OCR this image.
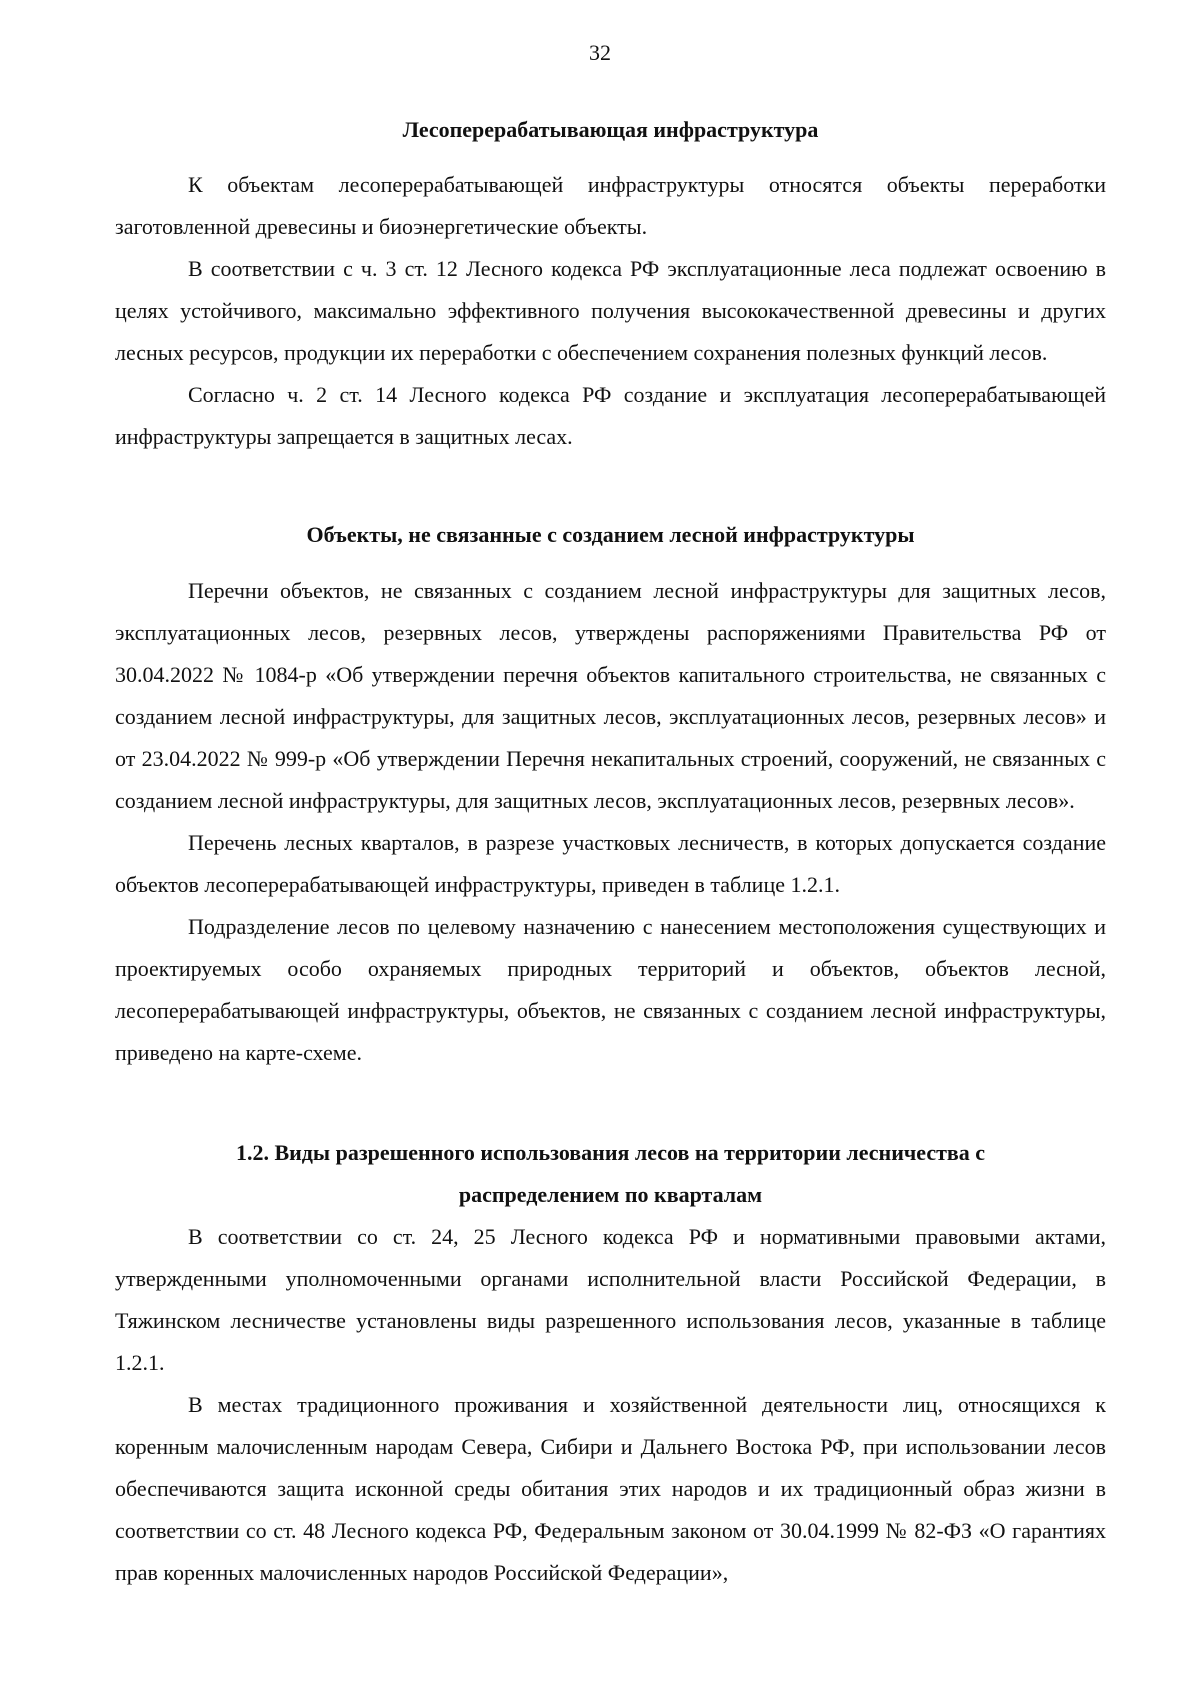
32
Лесоперерабатывающая инфраструктура

К объектам лесоперерабатывающей инфраструктуры относятся объекты переработки заготовленной древесины и биоэнергетические объекты.

В соответствии с ч. 3 ст. 12 Лесного кодекса РФ эксплуатационные леса подлежат освоению в целях устойчивого, максимально эффективного получения высококачественной древесины и других лесных ресурсов, продукции их переработки с обеспечением сохранения полезных функций лесов.

Согласно ч. 2 ст. 14 Лесного кодекса РФ создание и эксплуатация лесоперерабатывающей инфраструктуры запрещается в защитных лесах.

Объекты, не связанные с созданием лесной инфраструктуры

Перечни объектов, не связанных с созданием лесной инфраструктуры для защитных лесов, эксплуатационных лесов, резервных лесов, утверждены распоряжениями Правительства РФ от 30.04.2022 № 1084-р «Об утверждении перечня объектов капитального строительства, не связанных с созданием лесной инфраструктуры, для защитных лесов, эксплуатационных лесов, резервных лесов» и от 23.04.2022 № 999-р «Об утверждении Перечня некапитальных строений, сооружений, не связанных с созданием лесной инфраструктуры, для защитных лесов, эксплуатационных лесов, резервных лесов».

Перечень лесных кварталов, в разрезе участковых лесничеств, в которых допускается создание объектов лесоперерабатывающей инфраструктуры, приведен в таблице 1.2.1.

Подразделение лесов по целевому назначению с нанесением местоположения существующих и проектируемых особо охраняемых природных территорий и объектов, объектов лесной, лесоперерабатывающей инфраструктуры, объектов, не связанных с созданием лесной инфраструктуры, приведено на карте-схеме.

1.2. Виды разрешенного использования лесов на территории лесничества с
распределением по кварталам

В соответствии со ст. 24, 25 Лесного кодекса РФ и нормативными правовыми актами, утвержденными уполномоченными органами исполнительной власти Российской Федерации, в Тяжинском лесничестве установлены виды разрешенного использования лесов, указанные в таблице 1.2.1.

В местах традиционного проживания и хозяйственной деятельности лиц, относящихся к коренным малочисленным народам Севера, Сибири и Дальнего Востока РФ, при использовании лесов обеспечиваются защита исконной среды обитания этих народов и их традиционный образ жизни в соответствии со ст. 48 Лесного кодекса РФ, Федеральным законом от 30.04.1999 № 82-ФЗ «О гарантиях прав коренных малочисленных народов Российской Федерации»,
